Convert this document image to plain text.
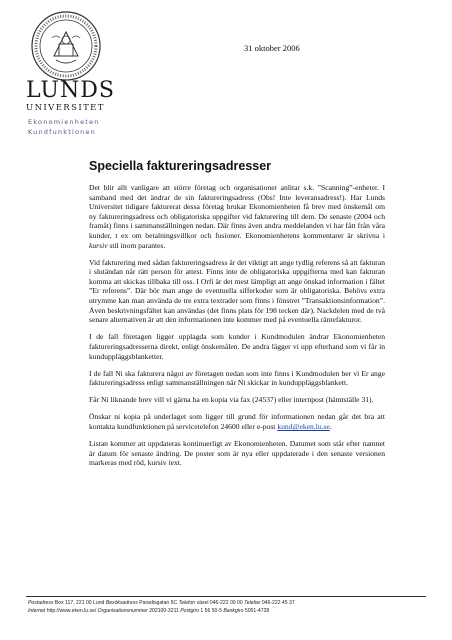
LUNDS
UNIVERSITET
31 oktober 2006
Ekonomienheten
Kundfunktionen
Speciella faktureringsadresser

Det blir allt vanligare att större företag och organisationer anlitar s.k. ”Scanning”-enheter. I samband med det ändrar de sin faktureringsadress (Obs! Inte leveransadress!). Har Lunds Universitet tidigare fakturerat dessa företag brukar Ekonomienheten få brev med önskemål om ny faktureringsadress och obligatoriska uppgifter vid fakturering till dem. De senaste (2004 och framåt) finns i sammanställningen nedan. Där finns även andra meddelanden vi har fått från våra kunder, t ex om betalningsvillkor och fusioner. Ekonomienhetens kommentarer är skrivna i kursiv stil inom parantes.

Vid fakturering med sådan faktureringsadress är det viktigt att ange tydlig referens så att fakturan i slutändan når rätt person för attest. Finns inte de obligatoriska uppgifterna med kan fakturan komma att skickas tillbaka till oss. I Orfi är det mest lämpligt att ange önskad information i fältet ”Er referens”. Där bör man ange de eventuella sifferkoder som är obligatoriska. Behövs extra utrymme kan man använda de tre extra textrader som finns i fönstret ”Transaktionsinformation”. Även beskrivningsfältet kan användas (det finns plats för 198 tecken där). Nackdelen med de två senare alternativen är att den informationen inte kommer med på eventuella räntefakturor.

I de fall företagen ligger upplagda som kunder i Kundmodulen ändrar Ekonomienheten faktureringsadresserna direkt, enligt önskemålen. De andra lägger vi upp efterhand som vi får in kunduppläggsblanketter.

I de fall Ni ska fakturera något av företagen nedan som inte finns i Kundmodulen ber vi Er ange faktureringsadress enligt sammanställningen när Ni skickar in kunduppläggsblankett.

Får Ni liknande brev vill vi gärna ha en kopia via fax (24537) eller internpost (hämtställe 31).

Önskar ni kopia på underlaget som ligger till grund för informationen nedan går det bra att kontakta kundfunktionen på servicetelefon 24600 eller e-post kund@eken.lu.se.

Listan kommer att uppdateras kontinuerligt av Ekonomienheten. Datumet som står efter namnet är datum för senaste ändring. De poster som är nya eller uppdaterade i den senaste versionen markeras med röd, kursiv text.

Postadress Box 117, 221 00 Lund Besöksadress Paradisgatan 5C Telefon växel 046-222 00 00 Telefax 046-222 45 37
Internet http://www.eken.lu.se/ Organisationsnummer 202100-3211 Postgiro 1 56 50-5 Bankgiro 5051-4728
